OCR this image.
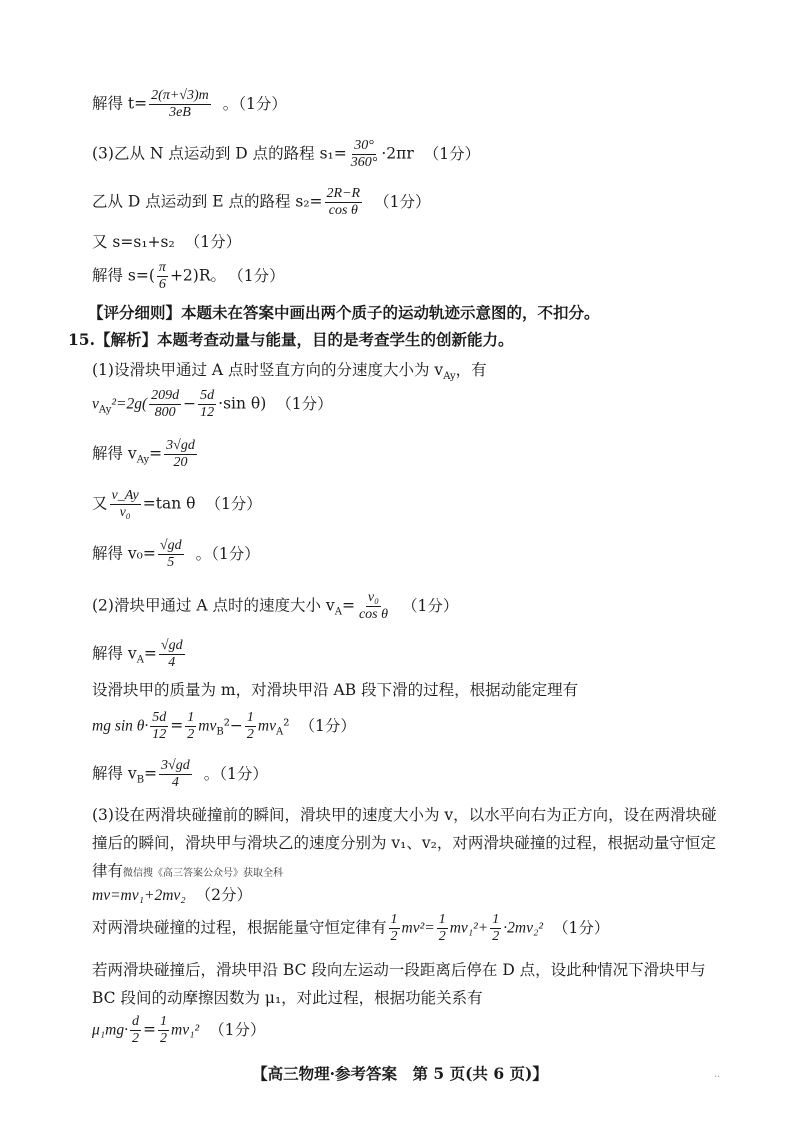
解得 $t= \frac{2(\pi+√3)m}{3eB}$ 。（1分）
(3)乙从 N 点运动到 D 点的路程 $s_1= \frac{30^\circ}{360^\circ} \cdot 2\pi r$ （1分）
乙从 D 点运动到 E 点的路程 $s_2= \frac{2R-R}{\text{cos θ}} (1$分）
又 s=s₁+s₂ （1分）
解得 $s=( \frac{\pi}{6} +2)R$。 （1分）
【评分细则】本题未在答案中画出两个质子的运动轨迹示意图的，不扣分。
15.【解析】本题考查动量与能量，目的是考查学生的创新能力。
(1)设滑块甲通过 A 点时竖直方向的分速度大小为 $v_{Ay}$，有
$v_{Ay}^2=2g( \frac{209d}{800} - \frac{5d}{12} \cdot\sin$ θ) （1分）
解得 $v_{Ay}= \frac{3√gd}{20}$
又 $\frac{v\_Ay}{\text{v₀}} =\tan$ θ （1分）
解得 $v_0= \frac{√gd}{5}$ 。（1分）
(2)滑块甲通过 A 点时的速度大小 $v_A= \frac{\text{v₀}}{\text{cos θ}} (1$分）
解得 $v_A= \frac{√gd}{4}$
设滑块甲的质量为 m，对滑块甲沿 AB 段下滑的过程，根据动能定理有
mg $\sin \theta\cdot \frac{5d}{12} = \frac{1}{2} mv_B^2- \frac{1}{2} mv_A^2$ （1分）
解得 $v_B= \frac{3√gd}{4}$ 。（1分）
(3)设在两滑块碰撞前的瞬间，滑块甲的速度大小为 v，以水平向右为正方向，设在两滑块碰
撞后的瞬间，滑块甲与滑块乙的速度分别为 v₁、v₂，对两滑块碰撞的过程，根据动量守恒定
律有微信搜《高三答案公众号》获取全科
mv=mv₁+2mv₂ （2分）
对两滑块碰撞的过程，根据能量守恒定律有 $\frac{1}{2} mv^2= \frac{1}{2} mv_1^2+ \frac{1}{2} \cdot 2mv_2^2$ （1分）
若两滑块碰撞后，滑块甲沿 BC 段向左运动一段距离后停在 D 点，设此种情况下滑块甲与
BC 段间的动摩擦因数为 μ₁，对此过程，根据功能关系有
$\mu_1mg\cdot \frac{d}{2} = \frac{1}{2} mv_1^2$ （1分）
【高三物理·参考答案　第 5 页(共 6 页)】	··
